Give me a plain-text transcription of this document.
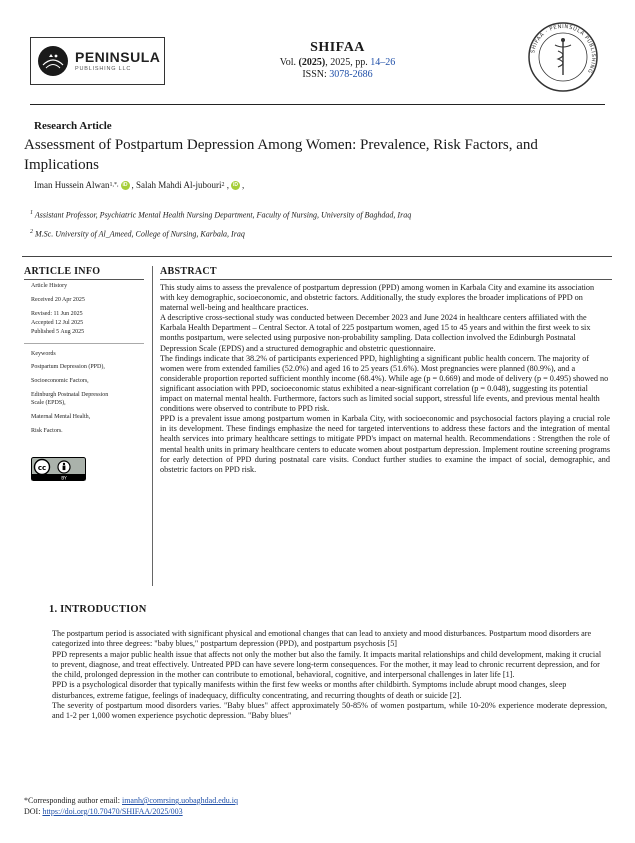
PENINSULA
PUBLISHING LLC
SHIFAA
Vol. (2025), 2025, pp. 14–26
ISSN: 3078-2686
SHIFAA · PENINSULA PUBLISHING
Research Article
Assessment of Postpartum Depression Among Women: Prevalence, Risk Factors, and Implications
Iman Hussein Alwan 1,*, iD , Salah Mahdi Al-jubouri 2 , iD ,
$^1$ Assistant Professor, Psychiatric Mental Health Nursing Department, Faculty of Nursing, University of Baghdad, Iraq
$^2$ M.Sc. University of Al_Ameed, College of Nursing, Karbala, Iraq
ARTICLE INFO
Article History
Received 20 Apr 2025
Revised: 11 Jun 2025
Accepted 12 Jul 2025
Published 5 Aug 2025
Keywords
Postpartum Depression (PPD),
Socioeconomic Factors,
Edinburgh Postnatal Depression Scale (EPDS),
Maternal Mental Health,
Risk Factors.
cc
BY
ABSTRACT

This study aims to assess the prevalence of postpartum depression (PPD) among women in Karbala City and examine its association with key demographic, socioeconomic, and obstetric factors. Additionally, the study explores the broader implications of PPD on maternal well-being and healthcare practices.

A descriptive cross-sectional study was conducted between December 2023 and June 2024 in healthcare centers affiliated with the Karbala Health Department – Central Sector. A total of 225 postpartum women, aged 15 to 45 years and within the first week to six months postpartum, were selected using purposive non-probability sampling. Data collection involved the Edinburgh Postnatal Depression Scale (EPDS) and a structured demographic and obstetric questionnaire.

The findings indicate that 38.2% of participants experienced PPD, highlighting a significant public health concern. The majority of women were from extended families (52.0%) and aged 16 to 25 years (51.6%). Most pregnancies were planned (80.9%), and a considerable proportion reported sufficient monthly income (68.4%). While age (p = 0.669) and mode of delivery (p = 0.495) showed no significant association with PPD, socioeconomic status exhibited a near-significant correlation (p = 0.048), suggesting its potential impact on maternal mental health. Furthermore, factors such as limited social support, stressful life events, and previous mental health conditions were observed to contribute to PPD risk.

PPD is a prevalent issue among postpartum women in Karbala City, with socioeconomic and psychosocial factors playing a crucial role in its development. These findings emphasize the need for targeted interventions to address these factors and the integration of mental health services into primary healthcare settings to mitigate PPD's impact on maternal health. Recommendations : Strengthen the role of mental health units in primary healthcare centers to educate women about postpartum depression. Implement routine screening programs for early detection of PPD during postnatal care visits. Conduct further studies to examine the impact of social, demographic, and obstetric factors on PPD risk.

1. INTRODUCTION

The postpartum period is associated with significant physical and emotional changes that can lead to anxiety and mood disturbances. Postpartum mood disorders are categorized into three degrees: "baby blues," postpartum depression (PPD), and postpartum psychosis [5]

PPD represents a major public health issue that affects not only the mother but also the family. It impacts marital relationships and child development, making it crucial to prevent, diagnose, and treat effectively. Untreated PPD can have severe long-term consequences. For the mother, it may lead to chronic recurrent depression, and for the child, prolonged depression in the mother can contribute to emotional, behavioral, cognitive, and interpersonal challenges in later life [1].

PPD is a psychological disorder that typically manifests within the first few weeks or months after childbirth. Symptoms include abrupt mood changes, sleep disturbances, extreme fatigue, feelings of inadequacy, difficulty concentrating, and recurring thoughts of death or suicide [2].

The severity of postpartum mood disorders varies. "Baby blues" affect approximately 50-85% of women postpartum, while 10-20% experience moderate depression, and 1-2 per 1,000 women experience psychotic depression. "Baby blues"

*Corresponding author email: imanh@comrsing.uobaghdad.edu.iq
DOI: https://doi.org/10.70470/SHIFAA/2025/003
